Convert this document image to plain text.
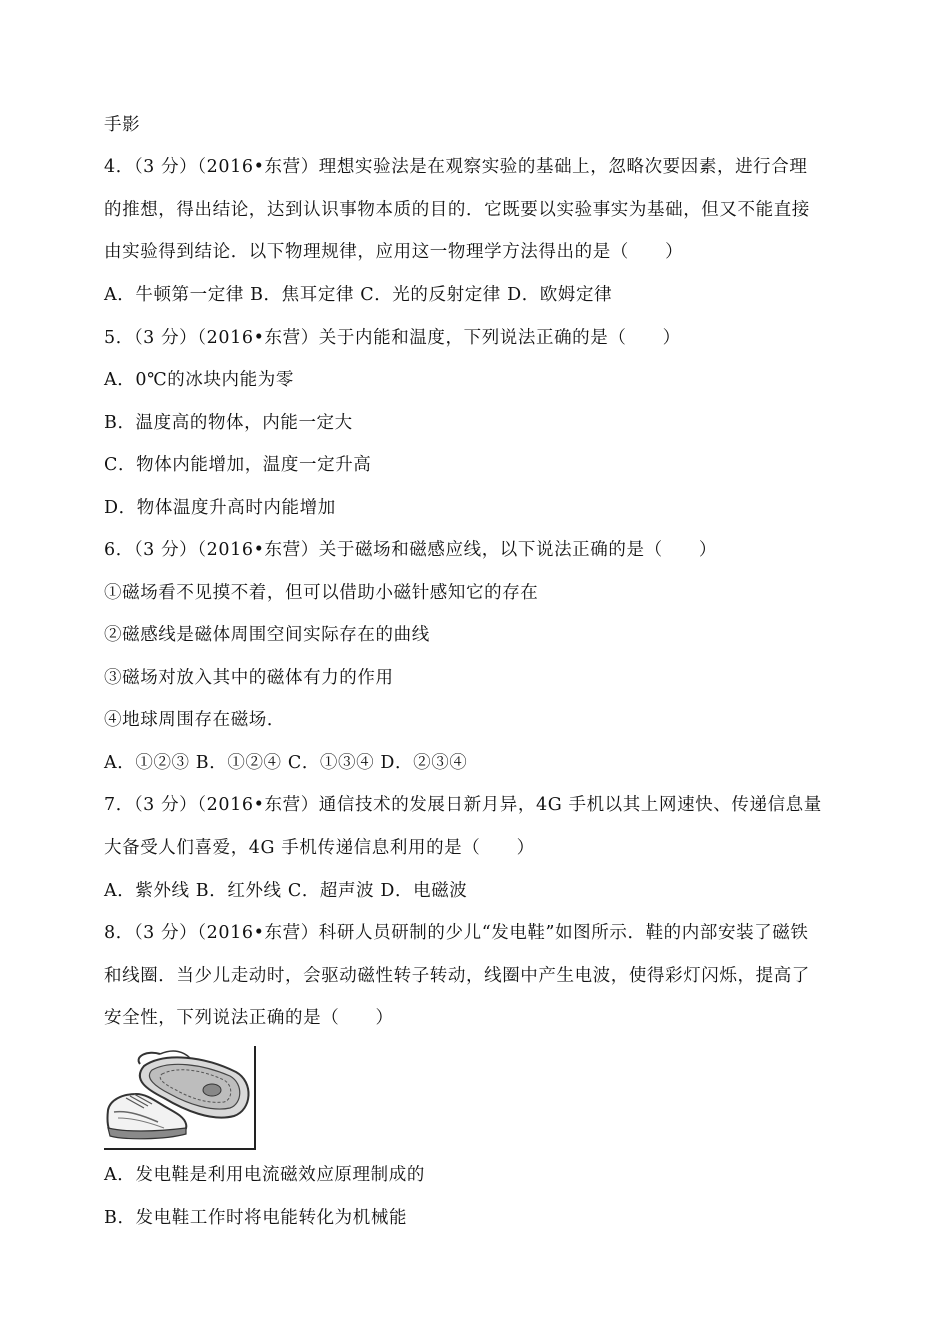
手影
4．（3 分）（2016•东营）理想实验法是在观察实验的基础上，忽略次要因素，进行合理
的推想，得出结论，达到认识事物本质的目的．它既要以实验事实为基础，但又不能直接
由实验得到结论．以下物理规律，应用这一物理学方法得出的是（　　）
A．牛顿第一定律 B．焦耳定律 C．光的反射定律 D．欧姆定律
5．（3 分）（2016•东营）关于内能和温度，下列说法正确的是（　　）
A．0℃的冰块内能为零
B．温度高的物体，内能一定大
C．物体内能增加，温度一定升高
D．物体温度升高时内能增加
6．（3 分）（2016•东营）关于磁场和磁感应线，以下说法正确的是（　　）
①磁场看不见摸不着，但可以借助小磁针感知它的存在
②磁感线是磁体周围空间实际存在的曲线
③磁场对放入其中的磁体有力的作用
④地球周围存在磁场．
A．①②③ B．①②④ C．①③④ D．②③④
7．（3 分）（2016•东营）通信技术的发展日新月异，4G 手机以其上网速快、传递信息量
大备受人们喜爱，4G 手机传递信息利用的是（　　）
A．紫外线 B．红外线 C．超声波 D．电磁波
8．（3 分）（2016•东营）科研人员研制的少儿“发电鞋”如图所示．鞋的内部安装了磁铁
和线圈．当少儿走动时，会驱动磁性转子转动，线圈中产生电波，使得彩灯闪烁，提高了
安全性，下列说法正确的是（　　）
A．发电鞋是利用电流磁效应原理制成的
B．发电鞋工作时将电能转化为机械能
